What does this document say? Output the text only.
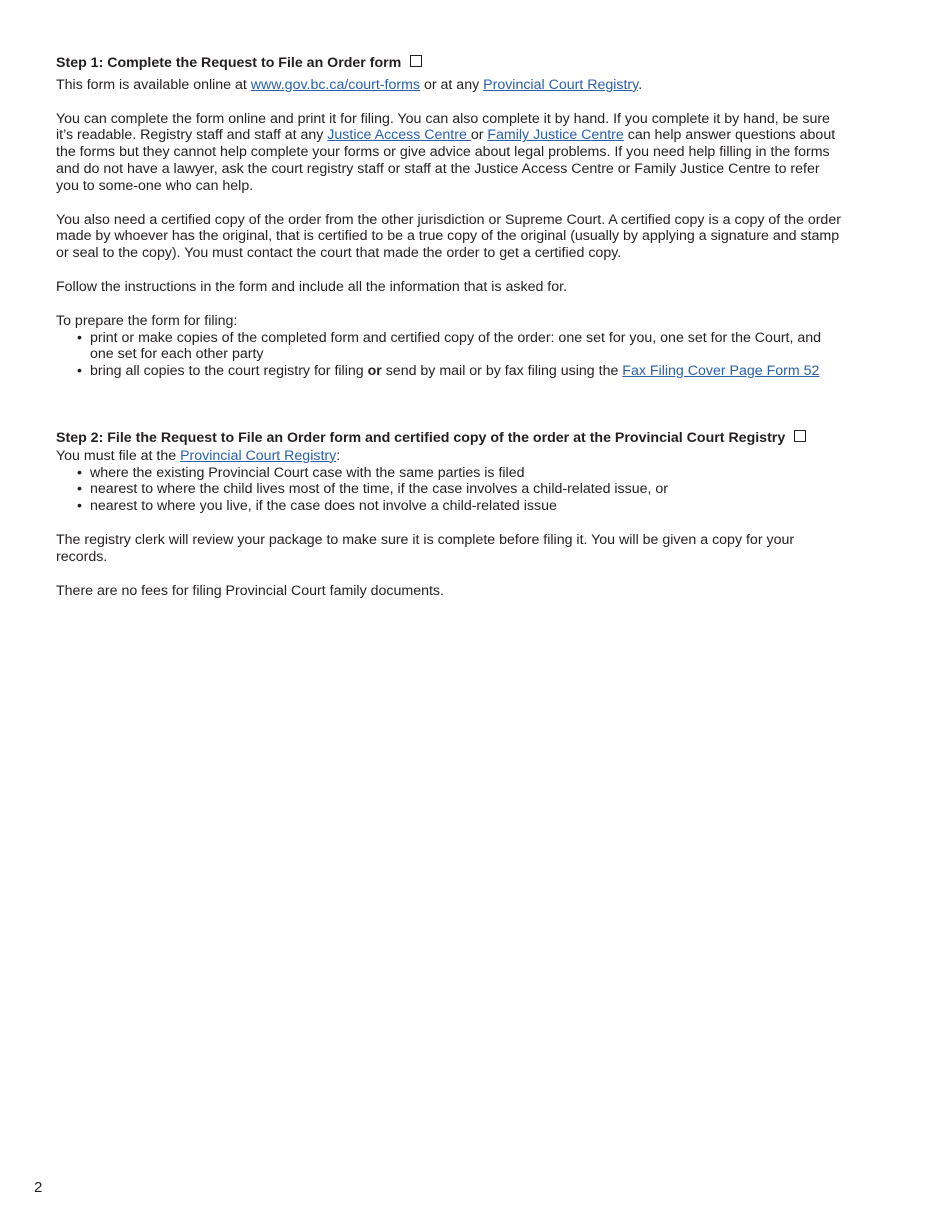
Step 1: Complete the Request to File an Order form

This form is available online at www.gov.bc.ca/court-forms or at any Provincial Court Registry.

You can complete the form online and print it for filing. You can also complete it by hand. If you complete it by hand, be sure it’s readable. Registry staff and staff at any Justice Access Centre or Family Justice Centre can help answer questions about the forms but they cannot help complete your forms or give advice about legal problems. If you need help filling in the forms and do not have a lawyer, ask the court registry staff or staff at the Justice Access Centre or Family Justice Centre to refer you to some-one who can help.

You also need a certified copy of the order from the other jurisdiction or Supreme Court. A certified copy is a copy of the order made by whoever has the original, that is certified to be a true copy of the original (usually by applying a signature and stamp or seal to the copy). You must contact the court that made the order to get a certified copy.

Follow the instructions in the form and include all the information that is asked for.

To prepare the form for filing:

• print or make copies of the completed form and certified copy of the order: one set for you, one set for the Court, and one set for each other party
• bring all copies to the court registry for filing or send by mail or by fax filing using the Fax Filing Cover Page Form 52
Step 2: File the Request to File an Order form and certified copy of the order at the Provincial Court Registry

You must file at the Provincial Court Registry:

• where the existing Provincial Court case with the same parties is filed
• nearest to where the child lives most of the time, if the case involves a child-related issue, or
• nearest to where you live, if the case does not involve a child-related issue

The registry clerk will review your package to make sure it is complete before filing it. You will be given a copy for your records.

There are no fees for filing Provincial Court family documents.

2
